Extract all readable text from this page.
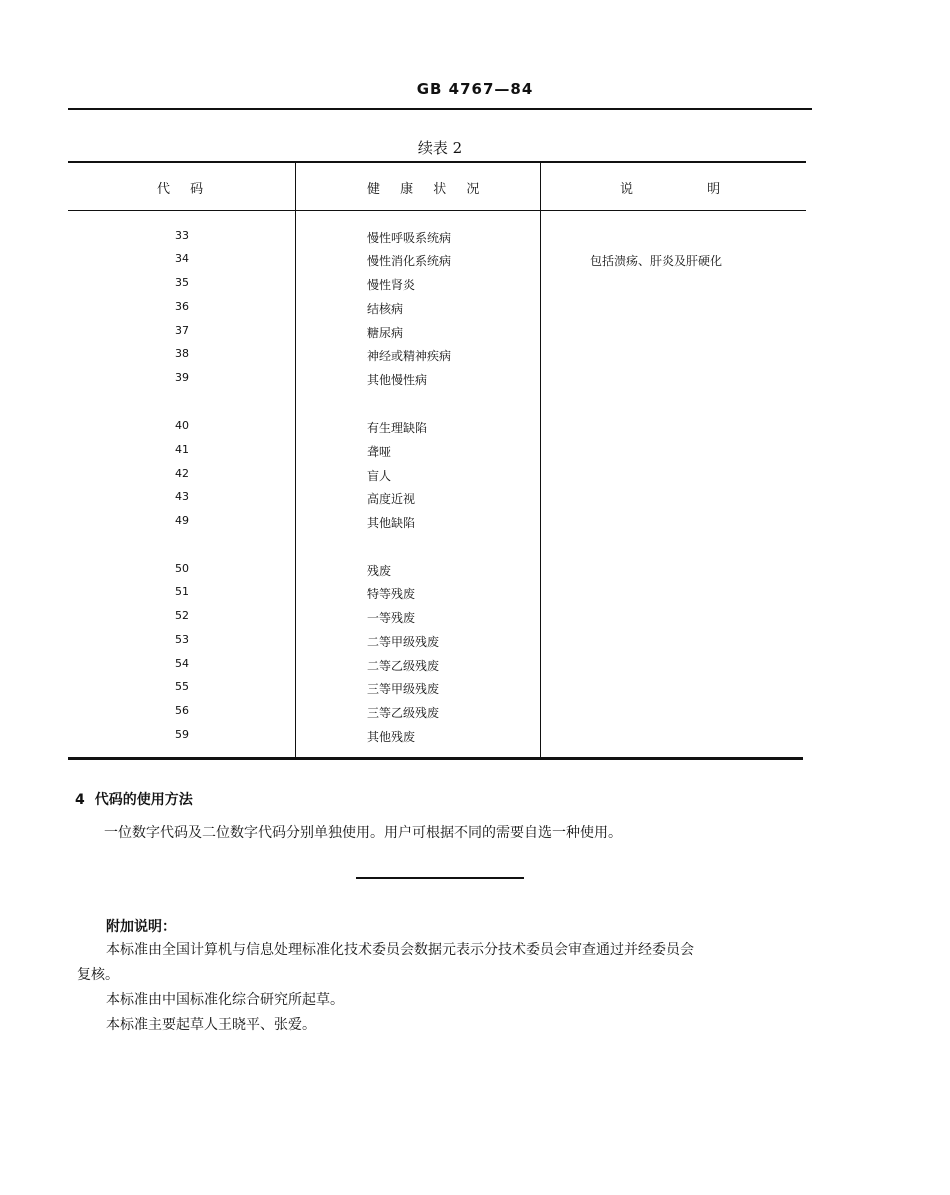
GB 4767—84
续表 2
代 码	健 康 状 况	说 明
33	慢性呼吸系统病
34	慢性消化系统病	包括溃疡、肝炎及肝硬化
35	慢性肾炎
36	结核病
37	糖尿病
38	神经或精神疾病
39	其他慢性病
40	有生理缺陷
41	聋哑
42	盲人
43	高度近视
49	其他缺陷
50	残废
51	特等残废
52	一等残废
53	二等甲级残废
54	二等乙级残废
55	三等甲级残废
56	三等乙级残废
59	其他残废
4 代码的使用方法
一位数字代码及二位数字代码分别单独使用。用户可根据不同的需要自选一种使用。
附加说明：
本标准由全国计算机与信息处理标准化技术委员会数据元表示分技术委员会审查通过并经委员会
复核。
本标准由中国标准化综合研究所起草。
本标准主要起草人王晓平、张爱。
